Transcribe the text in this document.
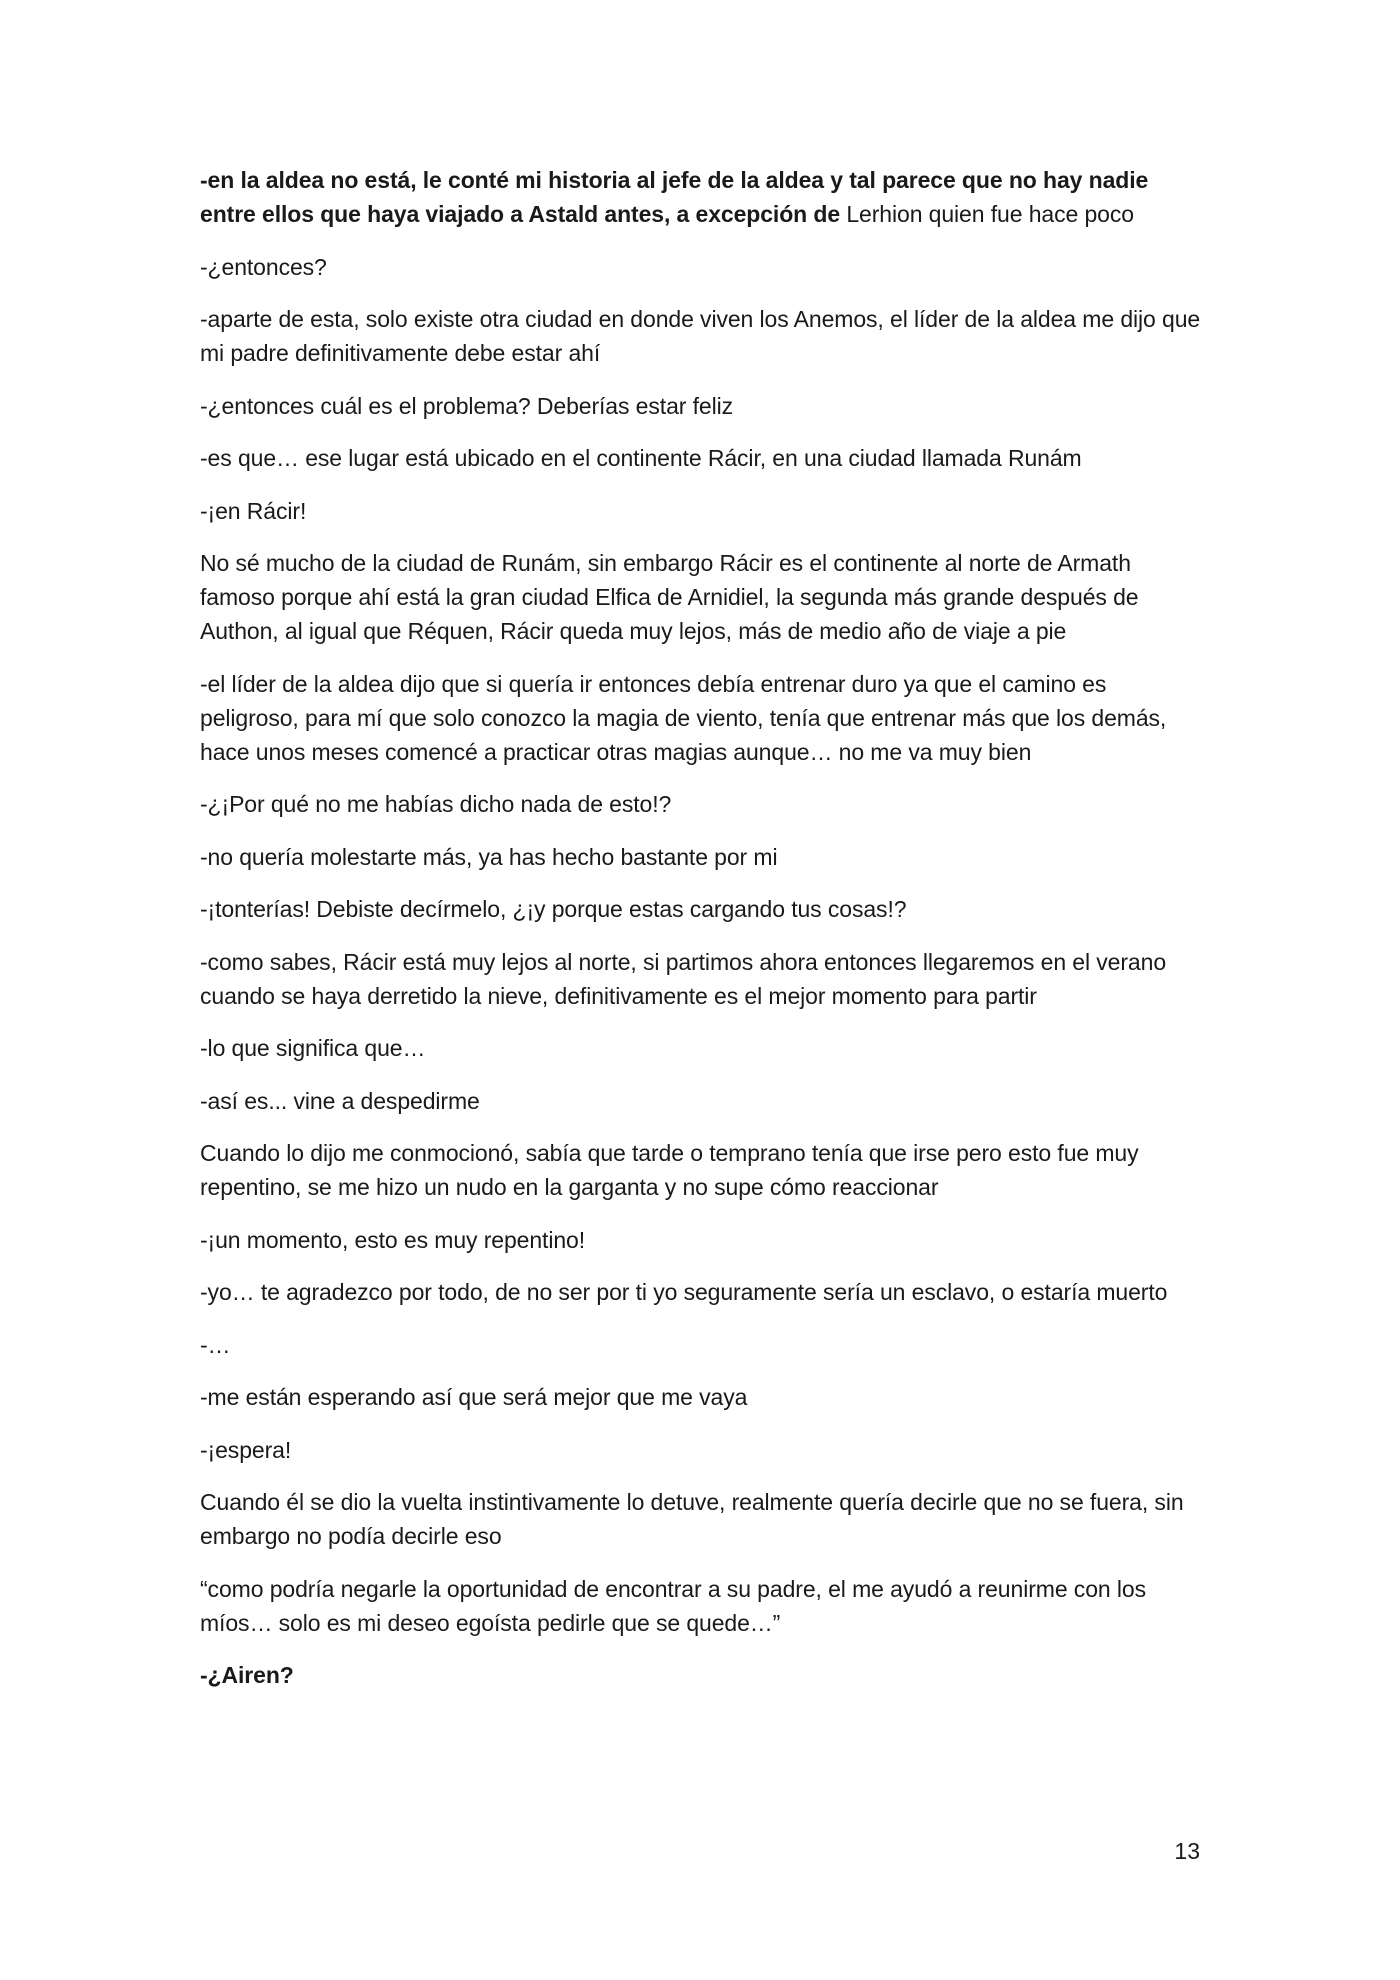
-en la aldea no está, le conté mi historia al jefe de la aldea y tal parece que no hay nadie entre ellos que haya viajado a Astald antes, a excepción de Lerhion quien fue hace poco

-¿entonces?

-aparte de esta, solo existe otra ciudad en donde viven los Anemos, el líder de la aldea me dijo que mi padre definitivamente debe estar ahí

-¿entonces cuál es el problema? Deberías estar feliz

-es que… ese lugar está ubicado en el continente Rácir, en una ciudad llamada Runám

-¡en Rácir!

No sé mucho de la ciudad de Runám, sin embargo Rácir es el continente al norte de Armath famoso porque ahí está la gran ciudad Elfica de Arnidiel, la segunda más grande después de Authon, al igual que Réquen, Rácir queda muy lejos, más de medio año de viaje a pie

-el líder de la aldea dijo que si quería ir entonces debía entrenar duro ya que el camino es peligroso, para mí que solo conozco la magia de viento, tenía que entrenar más que los demás, hace unos meses comencé a practicar otras magias aunque… no me va muy bien

-¿¡Por qué no me habías dicho nada de esto!?

-no quería molestarte más, ya has hecho bastante por mi

-¡tonterías! Debiste decírmelo, ¿¡y porque estas cargando tus cosas!?

-como sabes, Rácir está muy lejos al norte, si partimos ahora entonces llegaremos en el verano cuando se haya derretido la nieve, definitivamente es el mejor momento para partir

-lo que significa que…

-así es... vine a despedirme

Cuando lo dijo me conmocionó, sabía que tarde o temprano tenía que irse pero esto fue muy repentino, se me hizo un nudo en la garganta y no supe cómo reaccionar

-¡un momento, esto es muy repentino!

-yo… te agradezco por todo, de no ser por ti yo seguramente sería un esclavo, o estaría muerto

-…

-me están esperando así que será mejor que me vaya

-¡espera!

Cuando él se dio la vuelta instintivamente lo detuve, realmente quería decirle que no se fuera, sin embargo no podía decirle eso

“como podría negarle la oportunidad de encontrar a su padre, el me ayudó a reunirme con los míos… solo es mi deseo egoísta pedirle que se quede…”

-¿Airen?

13
